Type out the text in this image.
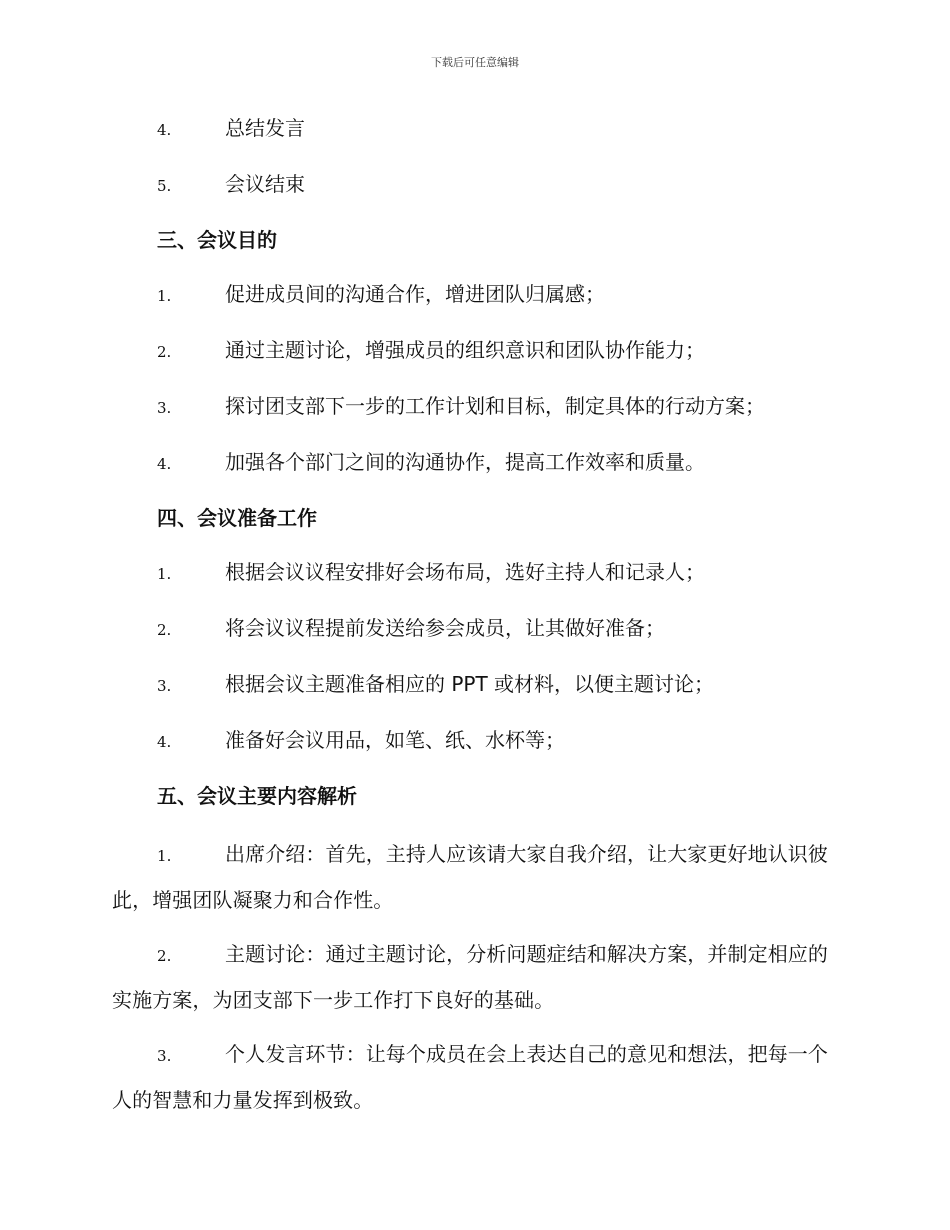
下载后可任意编辑
4.	总结发言
5.	会议结束
三、会议目的
1.	促进成员间的沟通合作，增进团队归属感；
2.	通过主题讨论，增强成员的组织意识和团队协作能力；
3.	探讨团支部下一步的工作计划和目标，制定具体的行动方案；
4.	加强各个部门之间的沟通协作，提高工作效率和质量。
四、会议准备工作
1.	根据会议议程安排好会场布局，选好主持人和记录人；
2.	将会议议程提前发送给参会成员，让其做好准备；
3.	根据会议主题准备相应的 PPT 或材料，以便主题讨论；
4.	准备好会议用品，如笔、纸、水杯等；
五、会议主要内容解析
1.	出席介绍：首先，主持人应该请大家自我介绍，让大家更好地认识彼此，增强团队凝聚力和合作性。
2.	主题讨论：通过主题讨论，分析问题症结和解决方案，并制定相应的实施方案，为团支部下一步工作打下良好的基础。
3.	个人发言环节：让每个成员在会上表达自己的意见和想法，把每一个人的智慧和力量发挥到极致。
